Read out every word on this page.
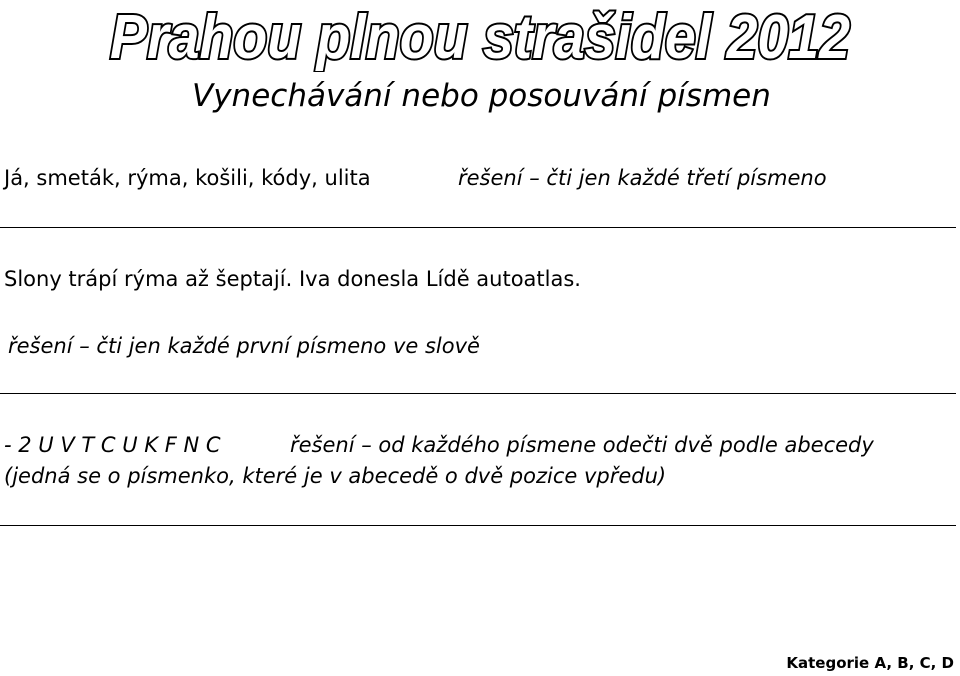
Prahou plnou strašidel 2012
Vynechávání nebo posouvání písmen
Já, smeták, rýma, košili, kódy, ulita	řešení – čti jen každé třetí písmeno
Slony trápí rýma až šeptají. Iva donesla Lídě autoatlas.
řešení – čti jen každé první písmeno ve slově
- 2 U V T C U K F N C	řešení – od každého písmene odečti dvě podle abecedy
(jedná se o písmenko, které je v abecedě o dvě pozice vpředu)
Kategorie A, B, C, D
